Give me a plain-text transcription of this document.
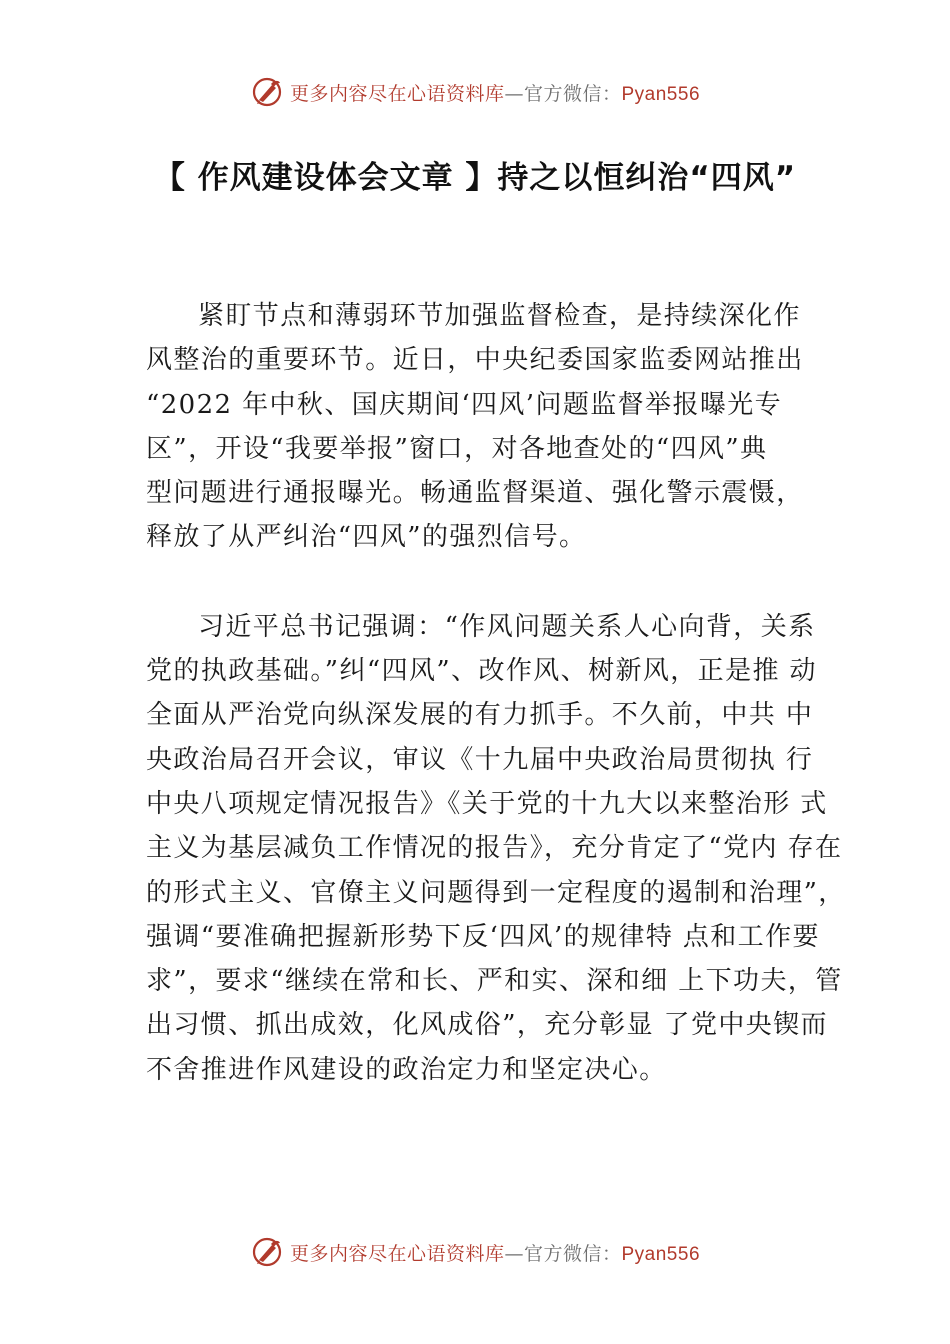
更多内容尽在心语资料库—官方微信：Pyan556
【 作风建设体会文章 】持之以恒纠治“四风”
紧盯节点和薄弱环节加强监督检查，是持续深化作
风整治的重要环节。近日，中央纪委国家监委网站推出
“2022 年中秋、国庆期间‘四风’问题监督举报曝光专
区”，开设“我要举报”窗口，对各地查处的“四风”典
型问题进行通报曝光。畅通监督渠道、强化警示震慑，
释放了从严纠治“四风”的强烈信号。
习近平总书记强调：“作风问题关系人心向背，关系
党的执政基础。”纠“四风”、改作风、树新风，正是推 动
全面从严治党向纵深发展的有力抓手。不久前，中共 中
央政治局召开会议，审议《十九届中央政治局贯彻执 行
中央八项规定情况报告》《关于党的十九大以来整治形 式
主义为基层减负工作情况的报告》，充分肯定了“党内 存在
的形式主义、官僚主义问题得到一定程度的遏制和治理”，
强调“要准确把握新形势下反‘四风’的规律特 点和工作要
求”，要求“继续在常和长、严和实、深和细 上下功夫，管
出习惯、抓出成效，化风成俗”，充分彰显 了党中央锲而
不舍推进作风建设的政治定力和坚定决心。
更多内容尽在心语资料库—官方微信：Pyan556
